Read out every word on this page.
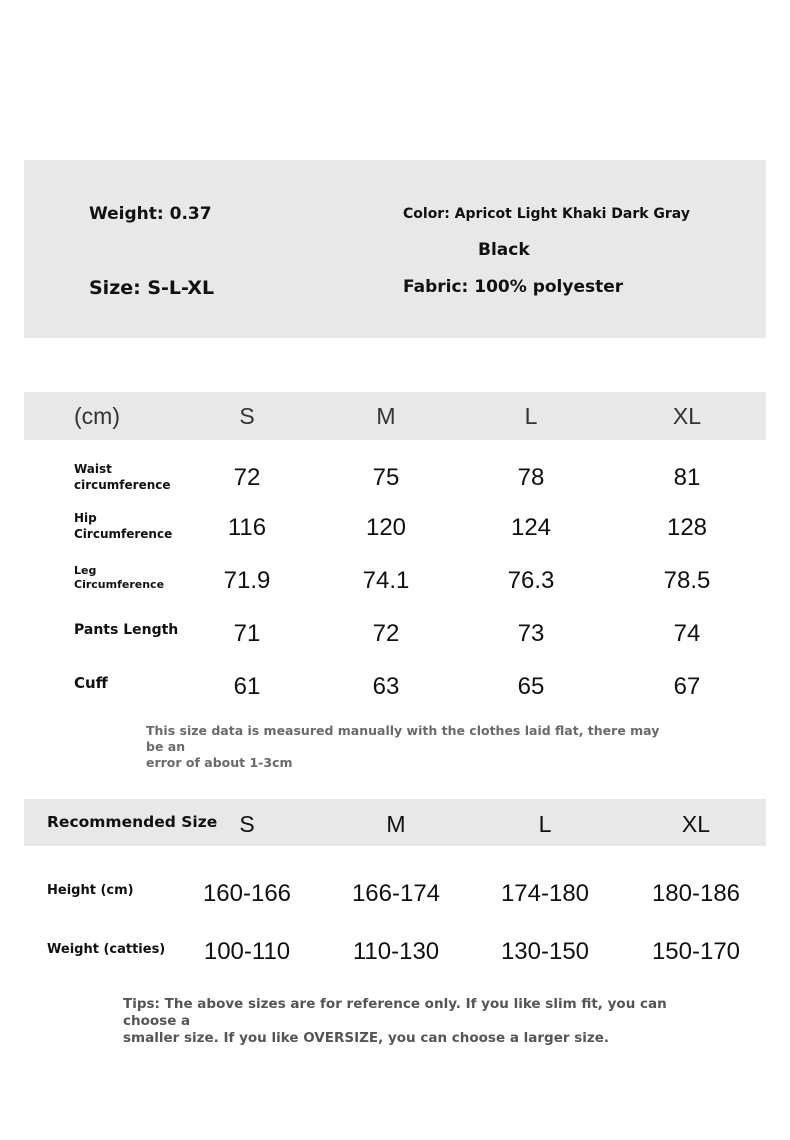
Weight: 0.37
Size: S-L-XL
Color: Apricot Light Khaki Dark Gray
Black
Fabric: 100% polyester
(cm)	S	M	L	XL
Waist
circumference	72	75	78	81
Hip
Circumference	116	120	124	128
Leg
Circumference	71.9	74.1	76.3	78.5
Pants Length	71	72	73	74
Cuff	61	63	65	67
This size data is measured manually with the clothes laid flat, there may be an
error of about 1-3cm
Recommended Size S	M	L	XL
Height (cm)	160-166	166-174	174-180	180-186
Weight (catties)	100-110	110-130	130-150	150-170
Tips: The above sizes are for reference only. If you like slim fit, you can choose a
smaller size. If you like OVERSIZE, you can choose a larger size.
